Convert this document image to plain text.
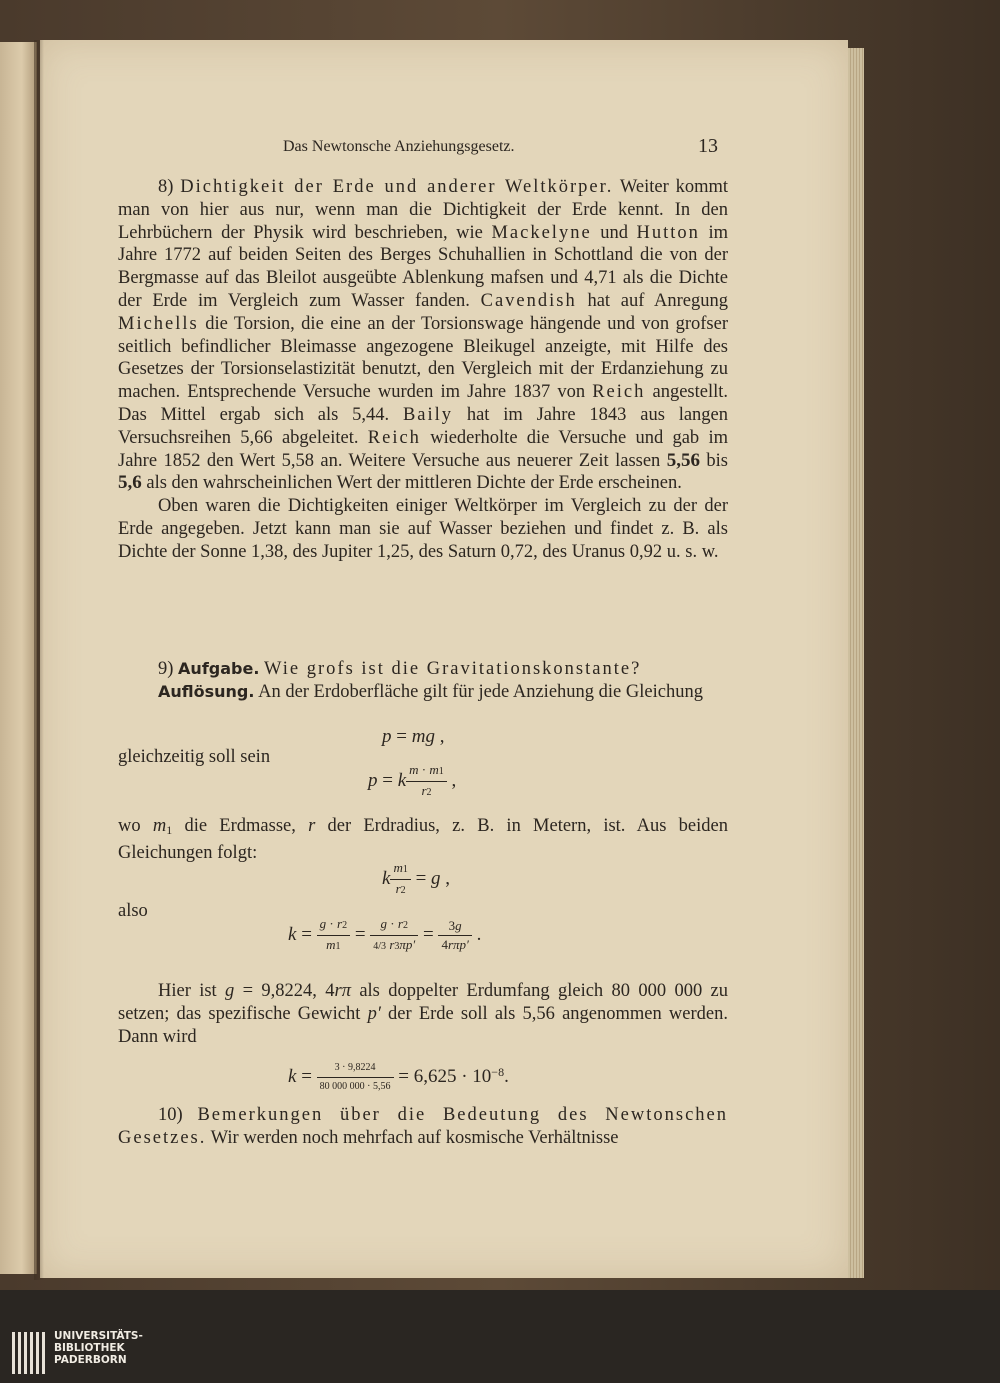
Das Newtonsche Anziehungsgesetz.	13

8) Dichtigkeit der Erde und anderer Weltkörper. Weiter kommt man von hier aus nur, wenn man die Dichtigkeit der Erde kennt. In den Lehrbüchern der Physik wird beschrieben, wie Mackelyne und Hutton im Jahre 1772 auf beiden Seiten des Berges Schuhallien in Schottland die von der Bergmasse auf das Bleilot ausgeübte Ablenkung mafsen und 4,71 als die Dichte der Erde im Vergleich zum Wasser fanden. Cavendish hat auf Anregung Michells die Torsion, die eine an der Torsionswage hängende und von grofser seitlich befindlicher Bleimasse angezogene Bleikugel anzeigte, mit Hilfe des Gesetzes der Torsionselastizität benutzt, den Vergleich mit der Erdanziehung zu machen. Entsprechende Versuche wurden im Jahre 1837 von Reich angestellt. Das Mittel ergab sich als 5,44. Baily hat im Jahre 1843 aus langen Versuchsreihen 5,66 abgeleitet. Reich wiederholte die Versuche und gab im Jahre 1852 den Wert 5,58 an. Weitere Versuche aus neuerer Zeit lassen 5,56 bis 5,6 als den wahrscheinlichen Wert der mittleren Dichte der Erde erscheinen.

Oben waren die Dichtigkeiten einiger Weltkörper im Vergleich zu der der Erde angegeben. Jetzt kann man sie auf Wasser beziehen und findet z. B. als Dichte der Sonne 1,38, des Jupiter 1,25, des Saturn 0,72, des Uranus 0,92 u. s. w.

9) Aufgabe. Wie grofs ist die Gravitationskonstante?

Auflösung. An der Erdoberfläche gilt für jede Anziehung die Gleichung

p = mg ,
gleichzeitig soll sein
p = k $\frac{m \cdot m1}{r2}$ ,

wo $m_1$ die Erdmasse, r der Erdradius, z. B. in Metern, ist. Aus beiden Gleichungen folgt:

k $\frac{m1}{r2} = g$ ,
also
$k = \frac{g \cdot r2}{m1} = \frac{g \cdot r2}{4/3 r3\pi p'} = \frac{3g}{\text{4rπp′}}$ .

Hier ist g = 9,8224, 4rπ als doppelter Erdumfang gleich 80 000 000 zu setzen; das spezifische Gewicht p′ der Erde soll als 5,56 angenommen werden. Dann wird

$k = \frac{3 \cdot 9,8224}{80 000 000 \cdot 5,56} = 6,625 \cdot 10^{-8}$.

10) Bemerkungen über die Bedeutung des Newtonschen Gesetzes. Wir werden noch mehrfach auf kosmische Verhältnisse

UNIVERSITÄTS-
BIBLIOTHEK
PADERBORN
